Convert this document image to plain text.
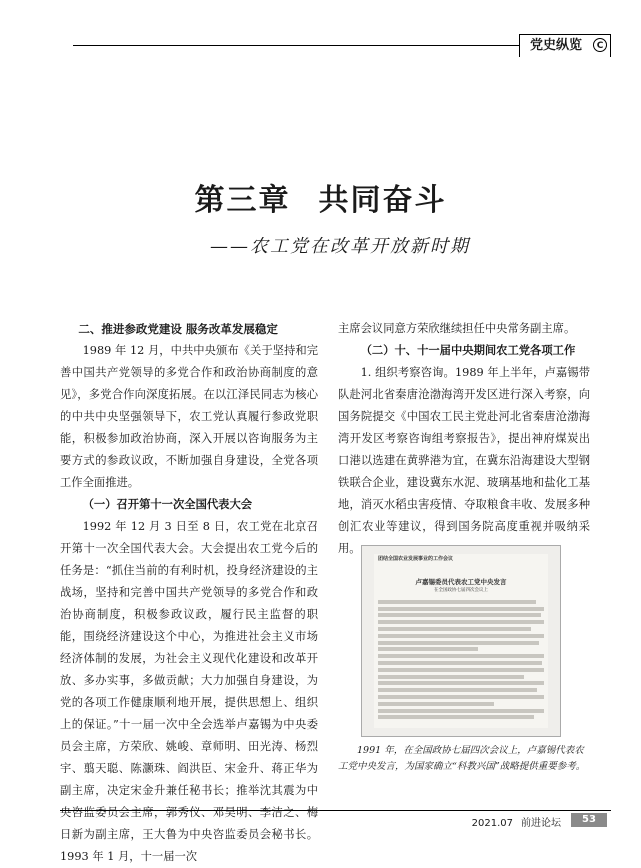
党史纵览	C
第三章 共同奋斗
——农工党在改革开放新时期
二、推进参政党建设 服务改革发展稳定

1989 年 12 月，中共中央颁布《关于坚持和完善中国共产党领导的多党合作和政治协商制度的意见》，多党合作向深度拓展。在以江泽民同志为核心的中共中央坚强领导下，农工党认真履行参政党职能，积极参加政治协商，深入开展以咨询服务为主要方式的参政议政，不断加强自身建设，全党各项工作全面推进。

（一）召开第十一次全国代表大会

1992 年 12 月 3 日至 8 日，农工党在北京召开第十一次全国代表大会。大会提出农工党今后的任务是：“抓住当前的有利时机，投身经济建设的主战场，坚持和完善中国共产党领导的多党合作和政治协商制度，积极参政议政，履行民主监督的职能，围绕经济建设这个中心，为推进社会主义市场经济体制的发展，为社会主义现代化建设和改革开放、多办实事，多做贡献；大力加强自身建设，为党的各项工作健康顺利地开展，提供思想上、组织上的保证。”十一届一次中全会选举卢嘉锡为中央委员会主席，方荣欣、姚峻、章师明、田光涛、杨烈宇、翦天聪、陈灏珠、阎洪臣、宋金升、蒋正华为副主席，决定宋金升兼任秘书长；推举沈其震为中央咨监委员会主席，郭秀仪、邓昊明、李洁之、梅日新为副主席，王大鲁为中央咨监委员会秘书长。1993 年 1 月，十一届一次

主席会议同意方荣欣继续担任中央常务副主席。

（二）十、十一届中央期间农工党各项工作

1. 组织考察咨询。1989 年上半年，卢嘉锡带队赴河北省秦唐沧渤海湾开发区进行深入考察，向国务院提交《中国农工民主党赴河北省秦唐沧渤海湾开发区考察咨询组考察报告》，提出神府煤炭出口港以选建在黄骅港为宜，在冀东沿海建设大型钢铁联合企业，建设冀东水泥、玻璃基地和盐化工基地，消灭水稻虫害疫情、夺取粮食丰收、发展多种创汇农业等建议，得到国务院高度重视并吸纳采用。

团结全国农业发展事业的工作会议
卢嘉锡委员代表农工党中央发言
在全国政协七届四次会议上
1991 年，在全国政协七届四次会议上，卢嘉锡代表农工党中央发言，为国家确立“科教兴国”战略提供重要参考。
2021.07 前进论坛	53
